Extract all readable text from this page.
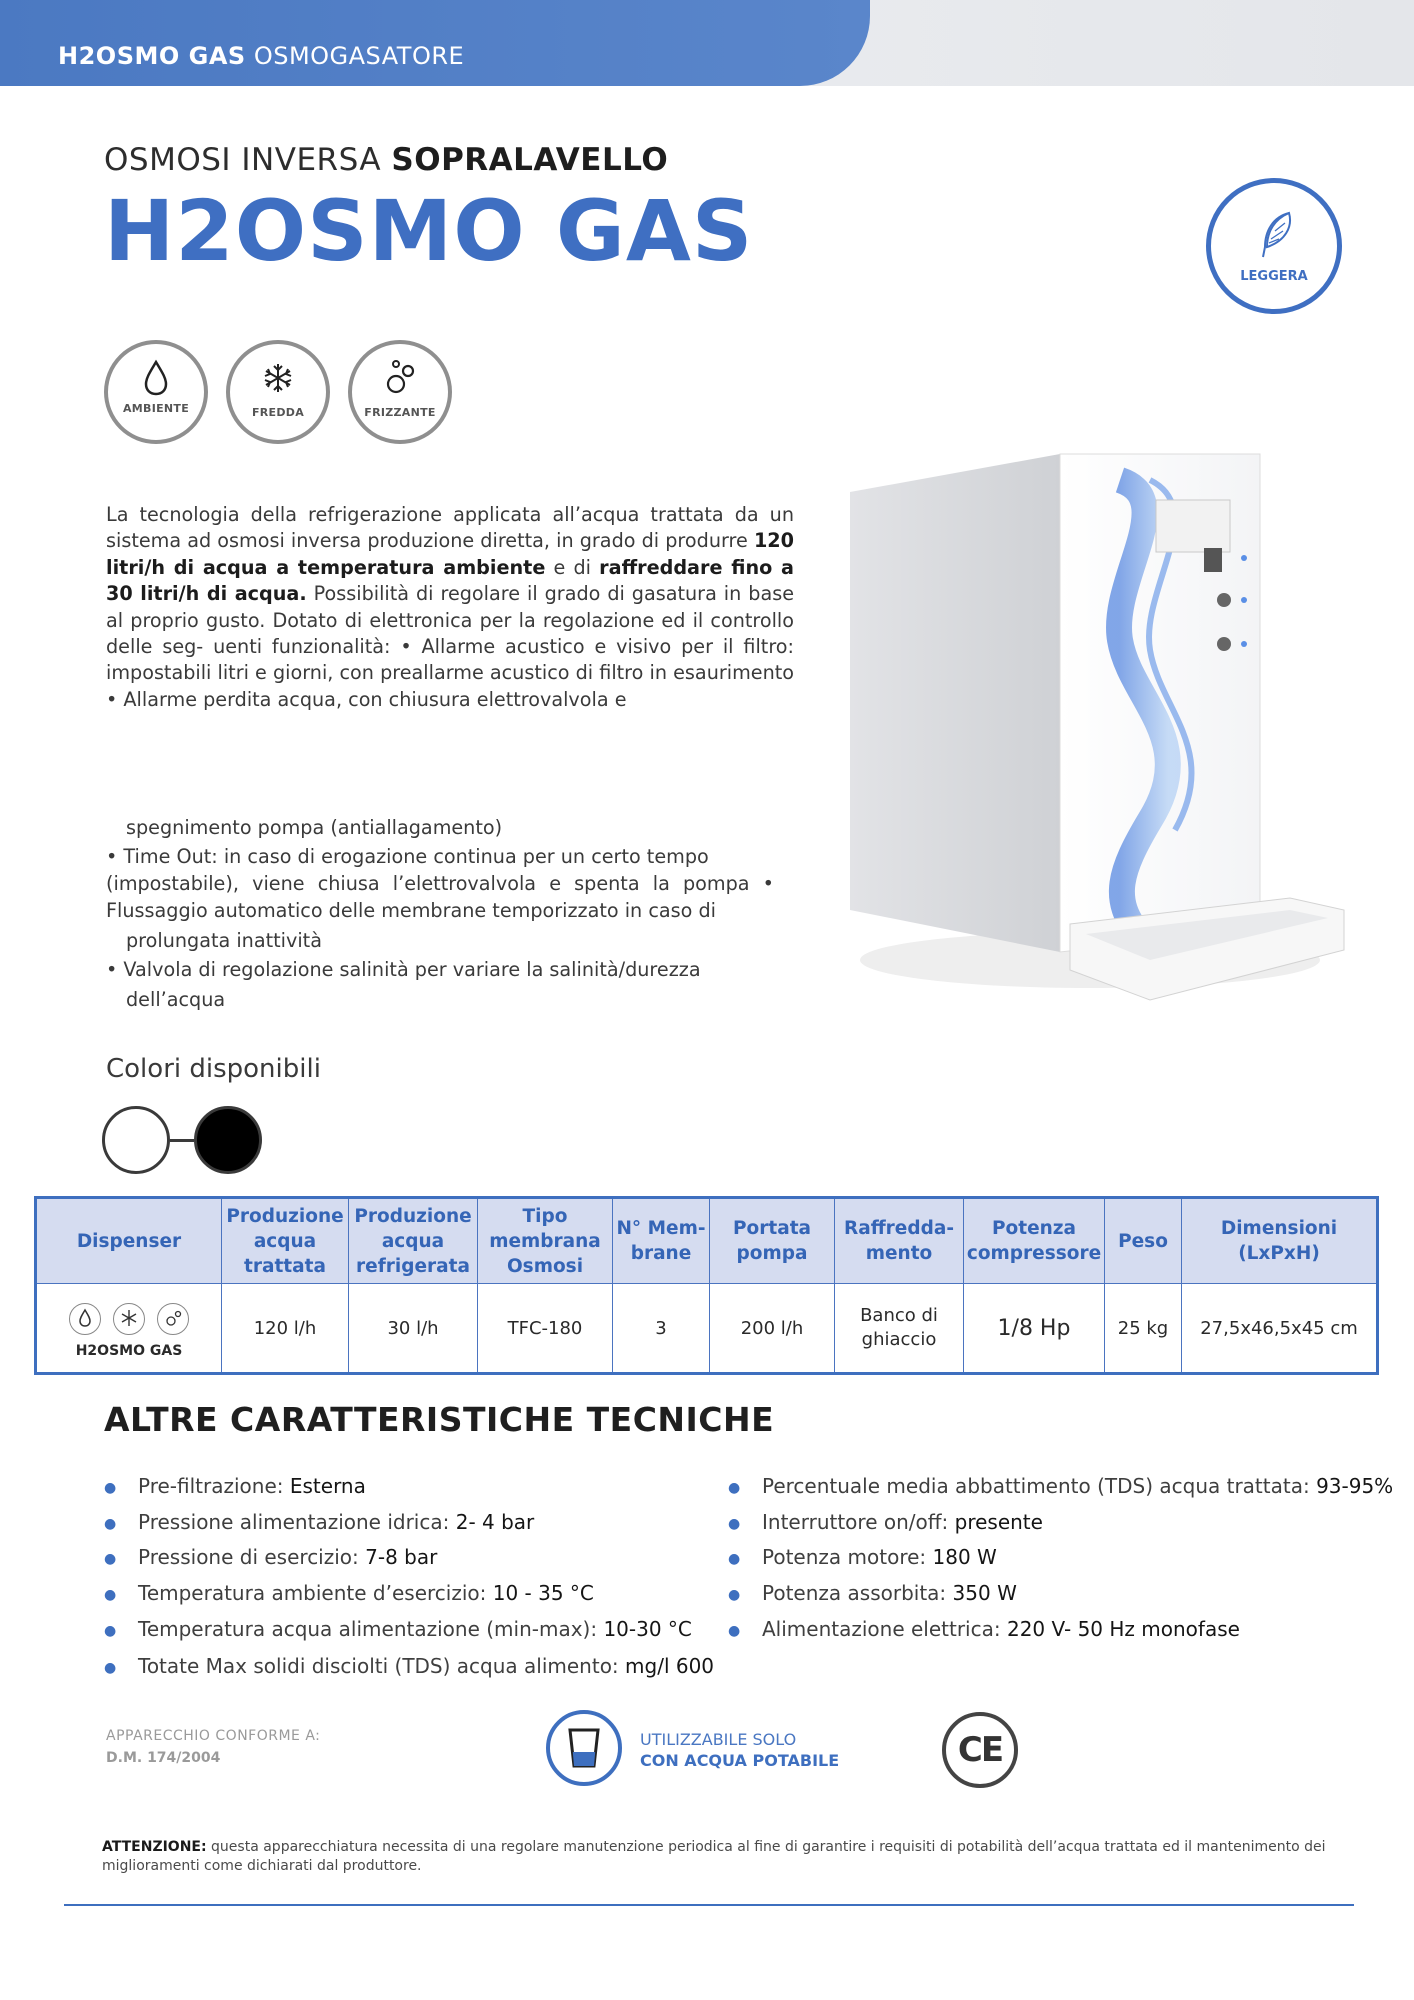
H2OSMO GAS OSMOGASATORE
OSMOSI INVERSA SOPRALAVELLO
H2OSMO GAS	LEGGERA
AMBIENTE	FREDDA	FRIZZANTE
La tecnologia della refrigerazione applicata all’acqua trattata da un sistema ad osmosi inversa produzione diretta, in grado di produrre 120 litri/h di acqua a temperatura ambiente e di raffreddare fino a 30 litri/h di acqua. Possibilità di regolare il grado di gasatura in base al proprio gusto. Dotato di elettronica per la regolazione ed il controllo delle seg- uenti funzionalità: • Allarme acustico e visivo per il filtro: impostabili litri e giorni, con preallarme acustico di filtro in esaurimento • Allarme perdita acqua, con chiusura elettrovalvola e
spegnimento pompa (antiallagamento)
• Time Out: in caso di erogazione continua per un certo tempo
(impostabile), viene chiusa l’elettrovalvola e spenta la pompa •
Flussaggio automatico delle membrane temporizzato in caso di
prolungata inattività
• Valvola di regolazione salinità per variare la salinità/durezza
dell’acqua
Colori disponibili
Dispenser	Produzione acqua trattata	Produzione acqua refrigerata	Tipo membrana Osmosi	N° Mem- brane	Portata pompa	Raffredda- mento	Potenza compressore	Peso	Dimensioni (LxPxH)

H2OSMO GAS	120 l/h	30 l/h	TFC-180	3	200 l/h	Banco di ghiaccio	1/8 Hp	25 kg	27,5x46,5x45 cm
ALTRE CARATTERISTICHE TECNICHE
● Pre-filtrazione: Esterna
● Pressione alimentazione idrica: 2- 4 bar
● Pressione di esercizio: 7-8 bar
● Temperatura ambiente d’esercizio: 10 - 35 °C
● Temperatura acqua alimentazione (min-max): 10-30 °C
● Totate Max solidi disciolti (TDS) acqua alimento: mg/l 600
● Percentuale media abbattimento (TDS) acqua trattata: 93-95%
● Interruttore on/off: presente
● Potenza motore: 180 W
● Potenza assorbita: 350 W
● Alimentazione elettrica: 220 V- 50 Hz monofase
APPARECCHIO CONFORME A:
D.M. 174/2004
UTILIZZABILE SOLO
CON ACQUA POTABILE	CE
ATTENZIONE: questa apparecchiatura necessita di una regolare manutenzione periodica al fine di garantire i requisiti di potabilità dell’acqua trattata ed il mantenimento dei miglioramenti come dichiarati dal produttore.
